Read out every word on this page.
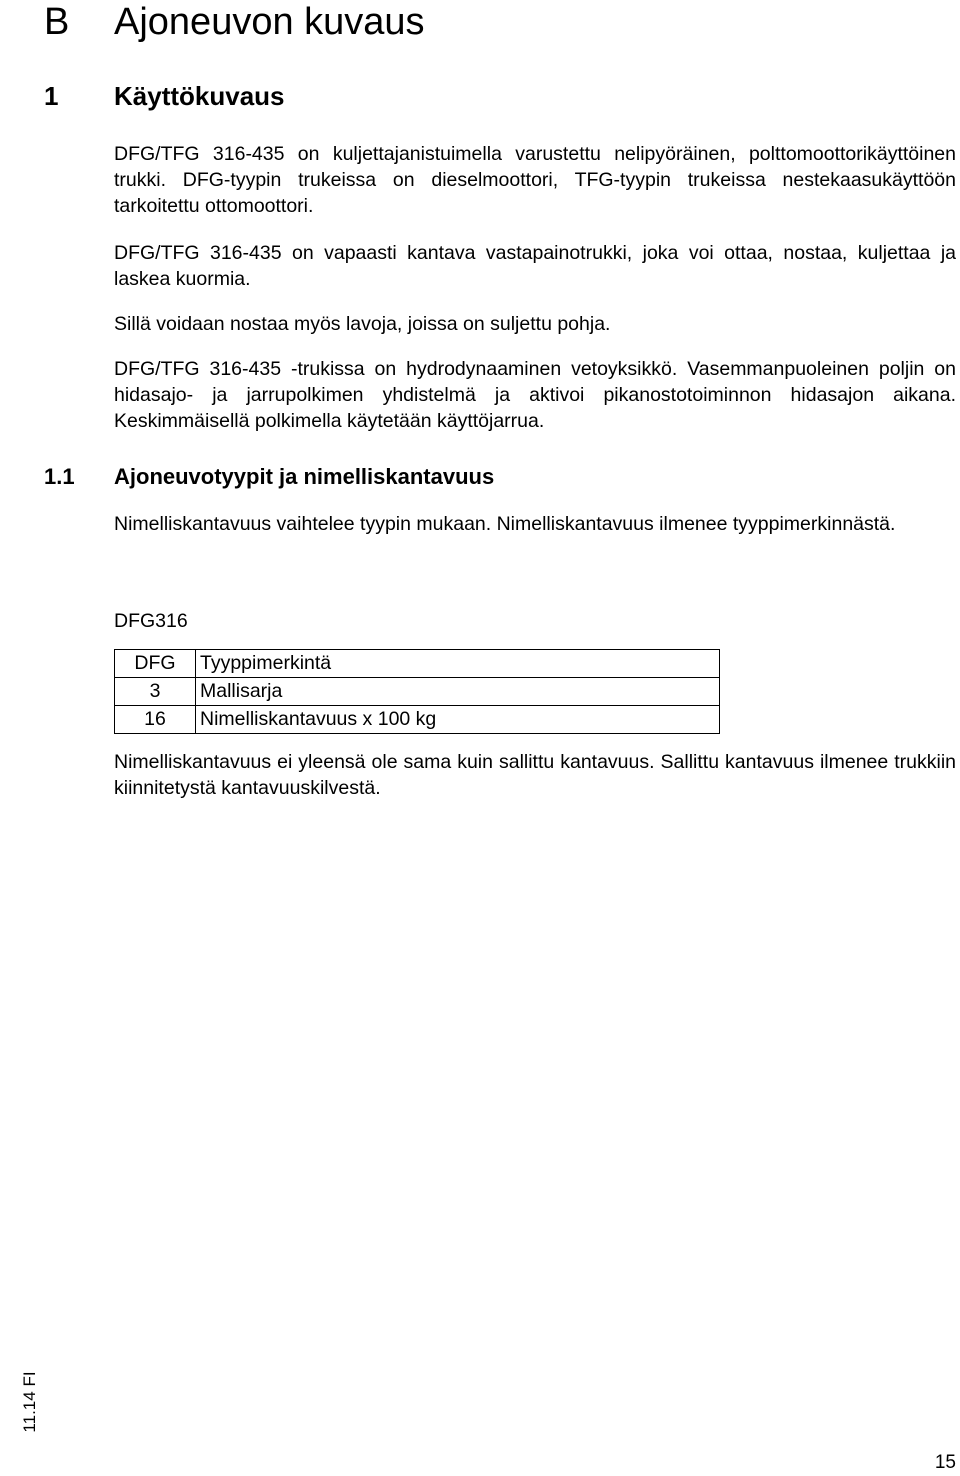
B Ajoneuvon kuvaus
1 Käyttökuvaus

DFG/TFG 316-435 on kuljettajanistuimella varustettu nelipyöräinen, polttomoottorikäyttöinen trukki. DFG-tyypin trukeissa on dieselmoottori, TFG-tyypin trukeissa nestekaasukäyttöön tarkoitettu ottomoottori.

DFG/TFG 316-435 on vapaasti kantava vastapainotrukki, joka voi ottaa, nostaa, kuljettaa ja laskea kuormia.

Sillä voidaan nostaa myös lavoja, joissa on suljettu pohja.

DFG/TFG 316-435 -trukissa on hydrodynaaminen vetoyksikkö. Vasemmanpuoleinen poljin on hidasajo- ja jarrupolkimen yhdistelmä ja aktivoi pikanostotoiminnon hidasajon aikana. Keskimmäisellä polkimella käytetään käyttöjarrua.

1.1 Ajoneuvotyypit ja nimelliskantavuus

Nimelliskantavuus vaihtelee tyypin mukaan. Nimelliskantavuus ilmenee tyyppimerkinnästä.

DFG316
DFG	Tyyppimerkintä
3	Mallisarja
16	Nimelliskantavuus x 100 kg

Nimelliskantavuus ei yleensä ole sama kuin sallittu kantavuus. Sallittu kantavuus ilmenee trukkiin kiinnitetystä kantavuuskilvestä.

11.14 FI
15
